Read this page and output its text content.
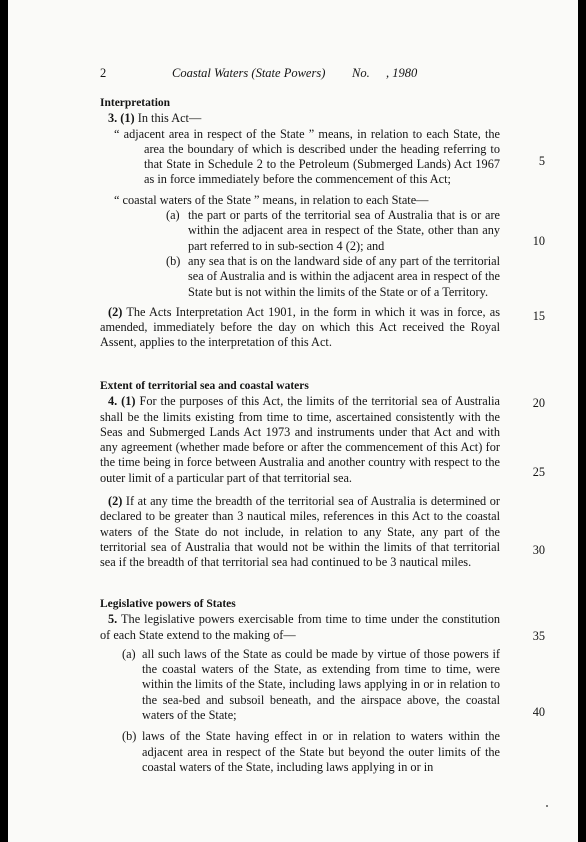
2	Coastal Waters (State Powers) No. , 1980
Interpretation

3. (1) In this Act—

“ adjacent area in respect of the State ” means, in relation to each State, the area the boundary of which is described under the heading referring to that State in Schedule 2 to the Petroleum (Submerged Lands) Act 1967 as in force immediately before the commencement of this Act;

“ coastal waters of the State ” means, in relation to each State—

(a) the part or parts of the territorial sea of Australia that is or are within the adjacent area in respect of the State, other than any part referred to in sub-section 4 (2); and
(b) any sea that is on the landward side of any part of the territorial sea of Australia and is within the adjacent area in respect of the State but is not within the limits of the State or of a Territory.

(2) The Acts Interpretation Act 1901, in the form in which it was in force, as amended, immediately before the day on which this Act received the Royal Assent, applies to the interpretation of this Act.

Extent of territorial sea and coastal waters

4. (1) For the purposes of this Act, the limits of the territorial sea of Australia shall be the limits existing from time to time, ascertained consistently with the Seas and Submerged Lands Act 1973 and instruments under that Act and with any agreement (whether made before or after the commencement of this Act) for the time being in force between Australia and another country with respect to the outer limit of a particular part of that territorial sea.

(2) If at any time the breadth of the territorial sea of Australia is determined or declared to be greater than 3 nautical miles, references in this Act to the coastal waters of the State do not include, in relation to any State, any part of the territorial sea of Australia that would not be within the limits of that territorial sea if the breadth of that territorial sea had continued to be 3 nautical miles.

Legislative powers of States

5. The legislative powers exercisable from time to time under the constitution of each State extend to the making of—

(a) all such laws of the State as could be made by virtue of those powers if the coastal waters of the State, as extending from time to time, were within the limits of the State, including laws applying in or in relation to the sea-bed and subsoil beneath, and the airspace above, the coastal waters of the State;
(b) laws of the State having effect in or in relation to waters within the adjacent area in respect of the State but beyond the outer limits of the coastal waters of the State, including laws applying in or in
5
10
15
20
25
30
35
40
